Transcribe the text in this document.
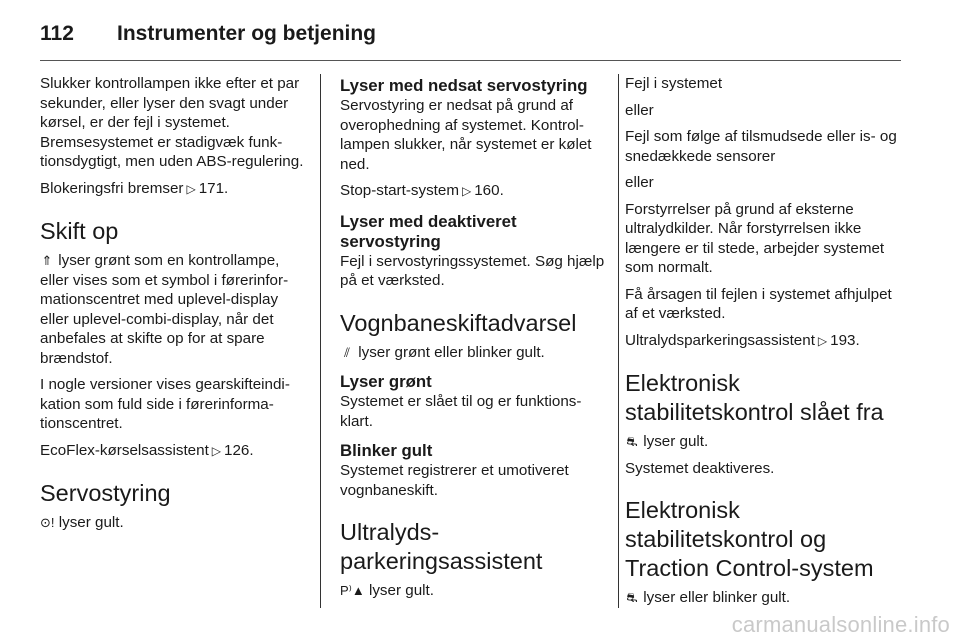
112	Instrumenter og betjening

Slukker kontrollampen ikke efter et par sekunder, eller lyser den svagt under kørsel, er der fejl i systemet. Bremsesystemet er stadigvæk funktionsdygtigt, men uden ABS-regulering.

Blokeringsfri bremser ▷ 171.

Skift op

⇑ lyser grønt som en kontrollampe, eller vises som et symbol i førerinformationscentret med uplevel-display eller uplevel-combi-display, når det anbefales at skifte op for at spare brændstof.

I nogle versioner vises gearskifteindikation som fuld side i førerinformationscentret.

EcoFlex-kørselsassistent ▷ 126.

Servostyring

⊙! lyser gult.

Lyser med nedsat servostyring

Servostyring er nedsat på grund af overophedning af systemet. Kontrollampen slukker, når systemet er kølet ned.

Stop-start-system ▷ 160.

Lyser med deaktiveret servostyring

Fejl i servostyringssystemet. Søg hjælp på et værksted.

Vognbaneskiftadvarsel

⫽ lyser grønt eller blinker gult.

Lyser grønt

Systemet er slået til og er funktionsklart.

Blinker gult

Systemet registrerer et umotiveret vognbaneskift.

Ultralydsparkeringsassistent

P⁾▲ lyser gult.

Fejl i systemet

eller

Fejl som følge af tilsmudsede eller is- og snedækkede sensorer

eller

Forstyrrelser på grund af eksterne ultralydkilder. Når forstyrrelsen ikke længere er til stede, arbejder systemet som normalt.

Få årsagen til fejlen i systemet afhjulpet af et værksted.

Ultralydsparkeringsassistent ▷ 193.

Elektronisk stabilitetskontrol slået fra

⛐ lyser gult.

Systemet deaktiveres.

Elektronisk stabilitetskontrol og Traction Control-system

⛐ lyser eller blinker gult.

carmanualsonline.info
